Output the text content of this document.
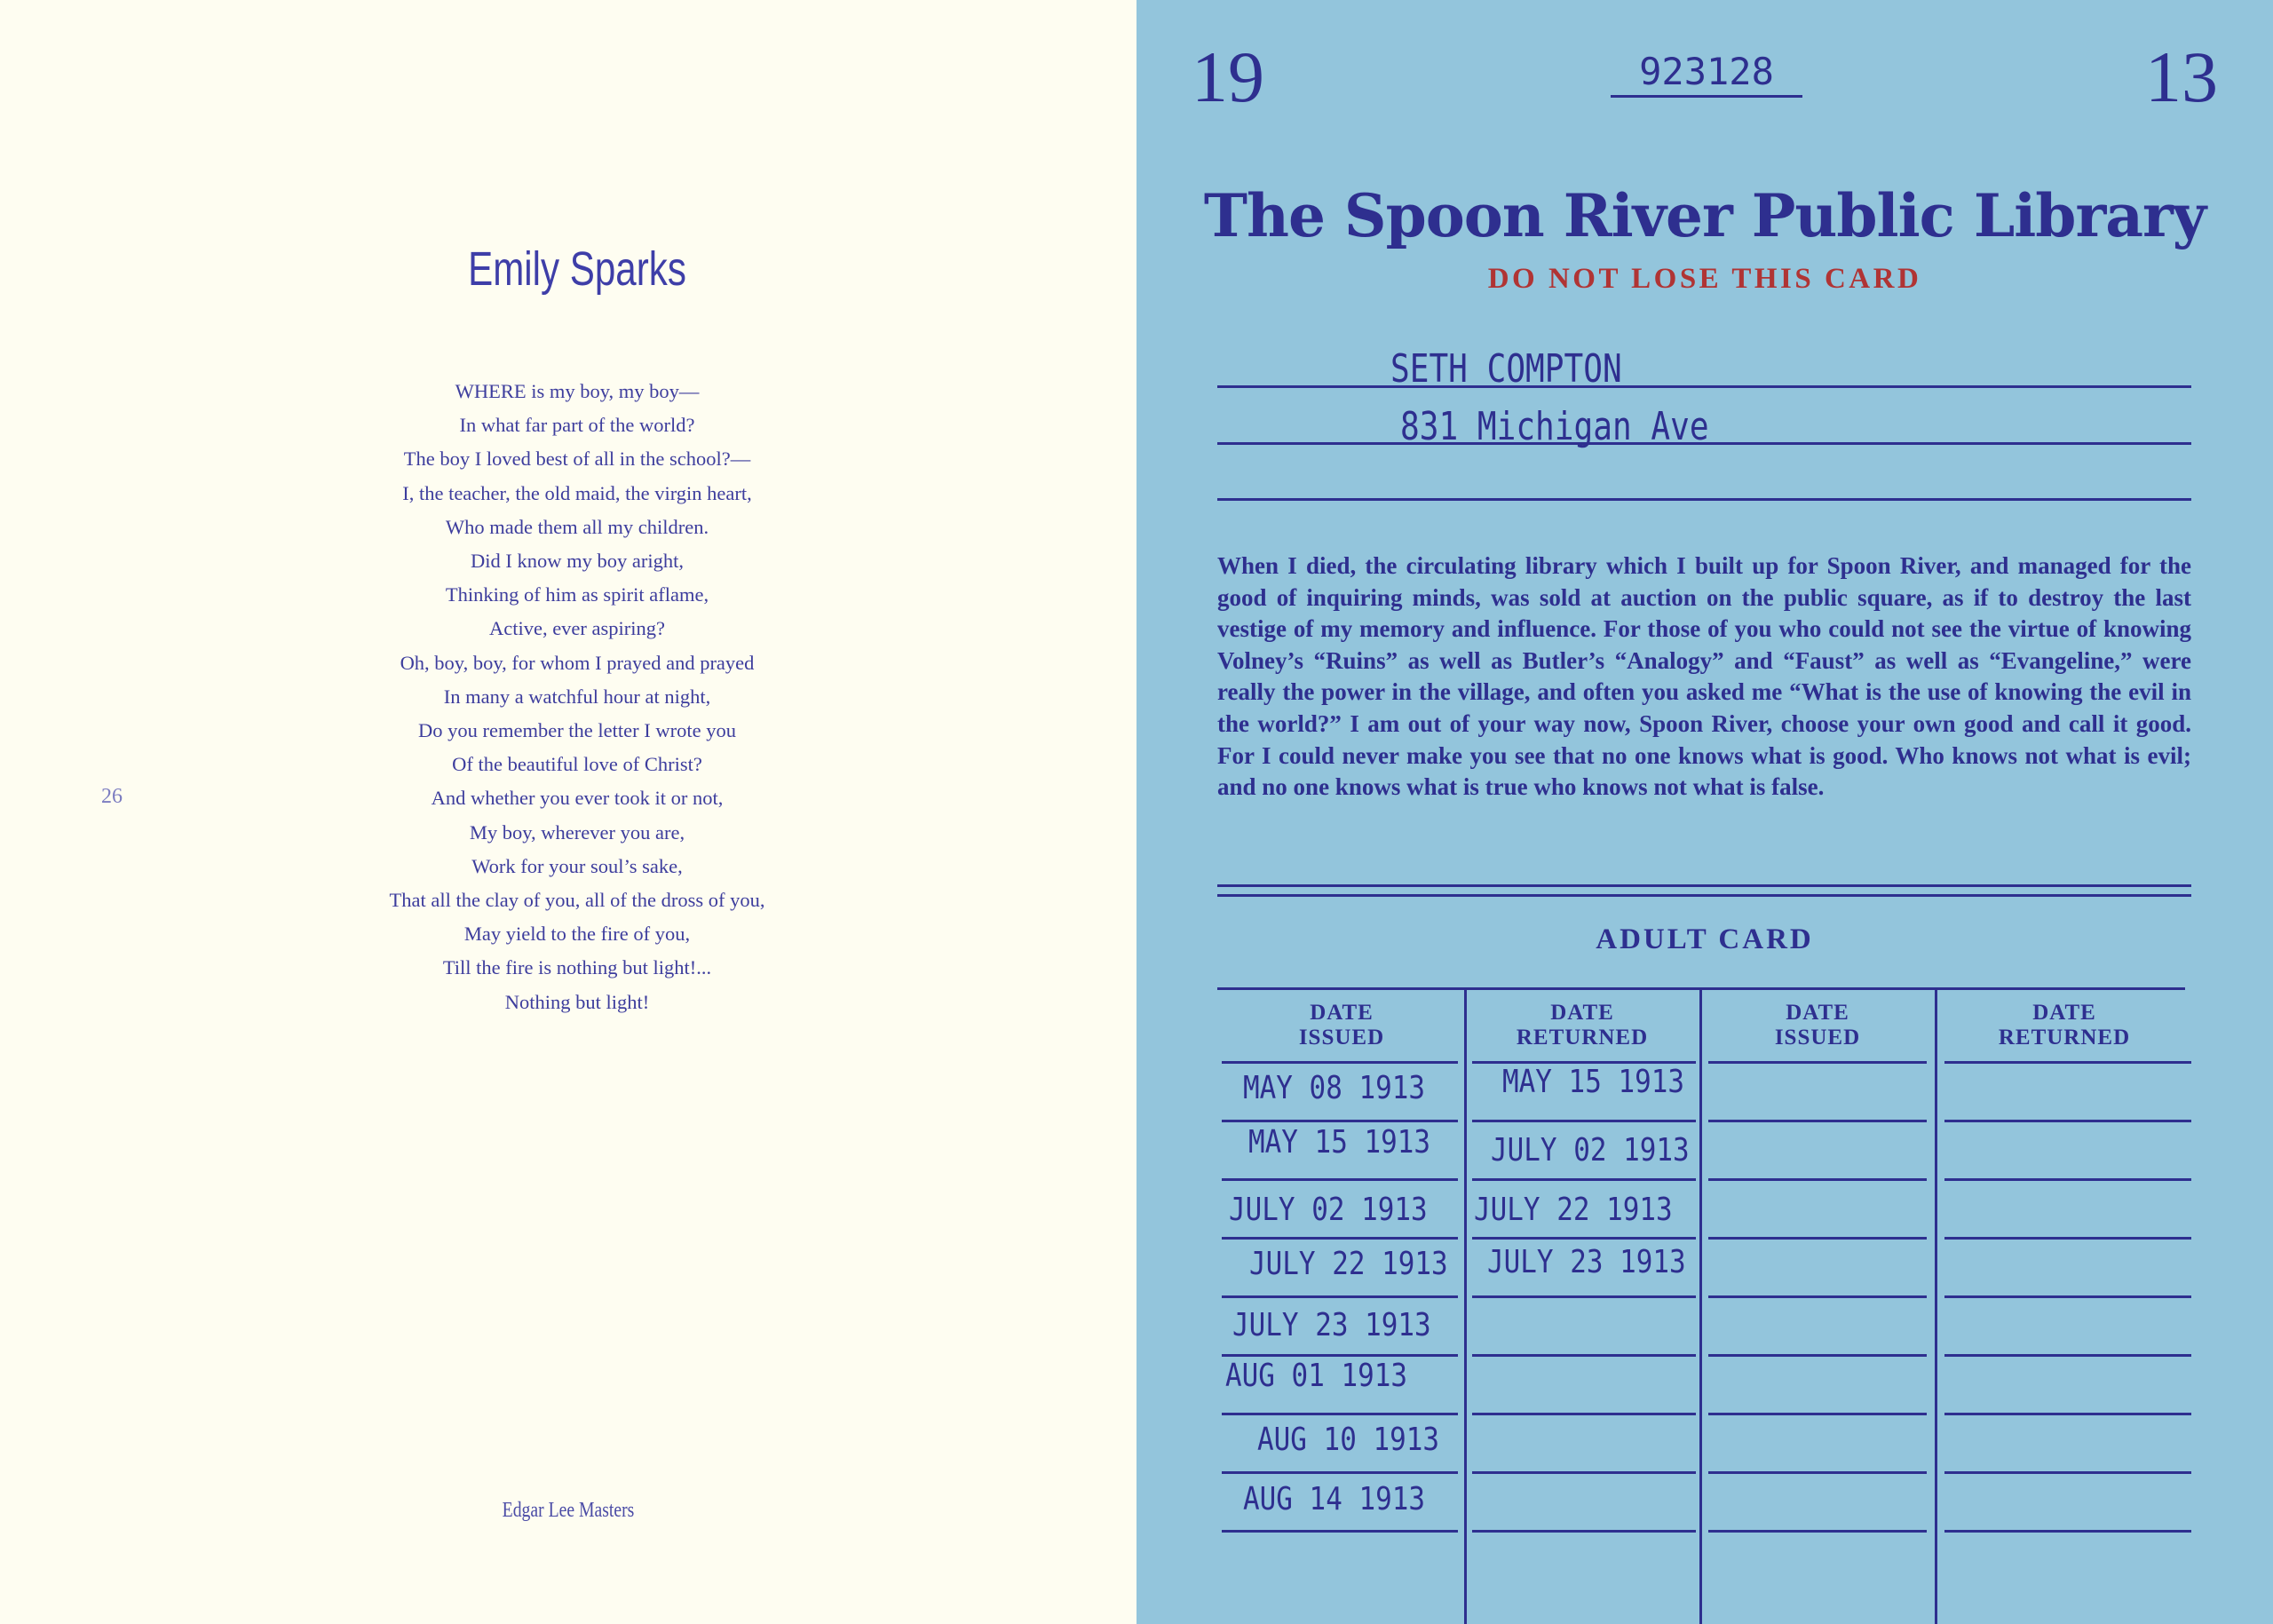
Emily Sparks
WHERE is my boy, my boy—
In what far part of the world?
The boy I loved best of all in the school?—
I, the teacher, the old maid, the virgin heart,
Who made them all my children.
Did I know my boy aright,
Thinking of him as spirit aflame,
Active, ever aspiring?
Oh, boy, boy, for whom I prayed and prayed
In many a watchful hour at night,
Do you remember the letter I wrote you
Of the beautiful love of Christ?
And whether you ever took it or not,
My boy, wherever you are,
Work for your soul’s sake,
That all the clay of you, all of the dross of you,
May yield to the fire of you,
Till the fire is nothing but light!...
Nothing but light!
26
Edgar Lee Masters
19	923128	13
The Spoon River Public Library
DO NOT LOSE THIS CARD
SETH COMPTON
831 Michigan Ave

When I died, the circulating library which I built up for Spoon River, and managed for the good of inquiring minds, was sold at auction on the public square, as if to destroy the last vestige of my memory and influence. For those of you who could not see the virtue of knowing Volney’s “Ruins” as well as Butler’s “Analogy” and “Faust” as well as “Evangeline,” were really the power in the village, and often you asked me “What is the use of knowing the evil in the world?” I am out of your way now, Spoon River, choose your own good and call it good. For I could never make you see that no one knows what is good. Who knows not what is evil; and no one knows what is true who knows not what is false.

ADULT CARD
DATE
ISSUED
DATE
RETURNED
DATE
ISSUED
DATE
RETURNED
MAY 08 1913
MAY 15 1913
JULY 02 1913
JULY 22 1913
JULY 23 1913
AUG 01 1913
AUG 10 1913
AUG 14 1913
MAY 15 1913
JULY 02 1913
JULY 22 1913
JULY 23 1913
